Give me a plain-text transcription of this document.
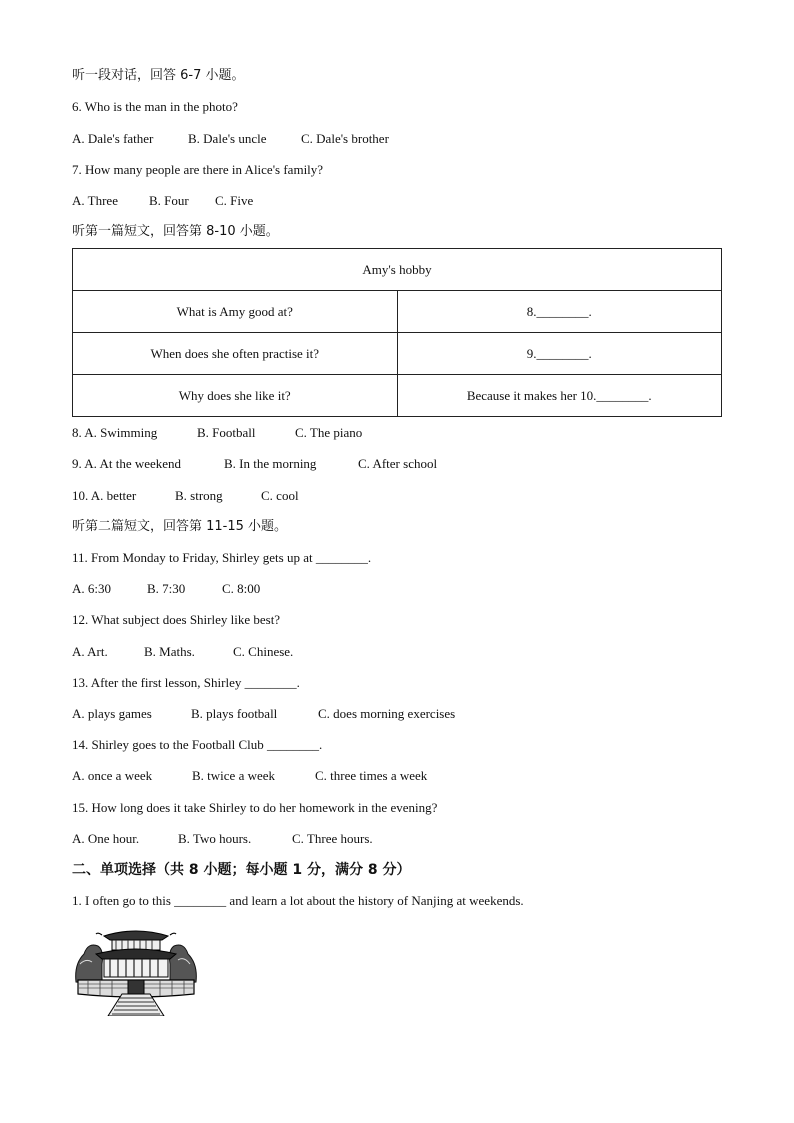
听一段对话，回答 6-7 小题。
6. Who is the man in the photo?
A. Dale's father	B. Dale's uncle	C. Dale's brother
7. How many people are there in Alice's family?
A. Three B. Four C. Five
听第一篇短文，回答第 8-10 小题。
Amy's hobby	
What is Amy good at?	8.________.
When does she often practise it?	9.________.
Why does she like it?	Because it makes her 10.________.
8. A. Swimming	B. Football	C. The piano
9. A. At the weekend	B. In the morning	C. After school
10. A. better	B. strong	C. cool
听第二篇短文，回答第 11-15 小题。
11. From Monday to Friday, Shirley gets up at ________.
A. 6:30	B. 7:30	C. 8:00
12. What subject does Shirley like best?
A. Art.	B. Maths.	C. Chinese.
13. After the first lesson, Shirley ________.
A. plays games	B. plays football	C. does morning exercises
14. Shirley goes to the Football Club ________.
A. once a week	B. twice a week	C. three times a week
15. How long does it take Shirley to do her homework in the evening?
A. One hour.	B. Two hours.	C. Three hours.
二、单项选择（共 8 小题；每小题 1 分，满分 8 分）
1. I often go to this ________ and learn a lot about the history of Nanjing at weekends.
